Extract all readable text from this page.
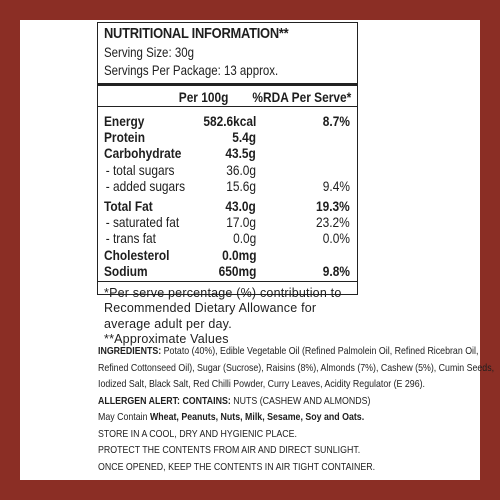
NUTRITIONAL INFORMATION**
Serving Size: 30g
Servings Per Package: 13 approx.
Per 100g %RDA Per Serve*
Energy	582.6kcal	8.7%
Protein	5.4g
Carbohydrate	43.5g
- total sugars	36.0g
- added sugars	15.6g	9.4%
Total Fat	43.0g	19.3%
- saturated fat	17.0g	23.2%
- trans fat	0.0g	0.0%
Cholesterol	0.0mg
Sodium	650mg	9.8%
*Per serve percentage (%) contribution to
Recommended Dietary Allowance for
average adult per day.
**Approximate Values
INGREDIENTS: Potato (40%), Edible Vegetable Oil (Refined Palmolein Oil, Refined Ricebran Oil,
Refined Cottonseed Oil), Sugar (Sucrose), Raisins (8%), Almonds (7%), Cashew (5%), Cumin Seeds,
Iodized Salt, Black Salt, Red Chilli Powder, Curry Leaves, Acidity Regulator (E 296).
ALLERGEN ALERT: CONTAINS: NUTS (CASHEW AND ALMONDS)
May Contain Wheat, Peanuts, Nuts, Milk, Sesame, Soy and Oats.
STORE IN A COOL, DRY AND HYGIENIC PLACE.
PROTECT THE CONTENTS FROM AIR AND DIRECT SUNLIGHT.
ONCE OPENED, KEEP THE CONTENTS IN AIR TIGHT CONTAINER.
